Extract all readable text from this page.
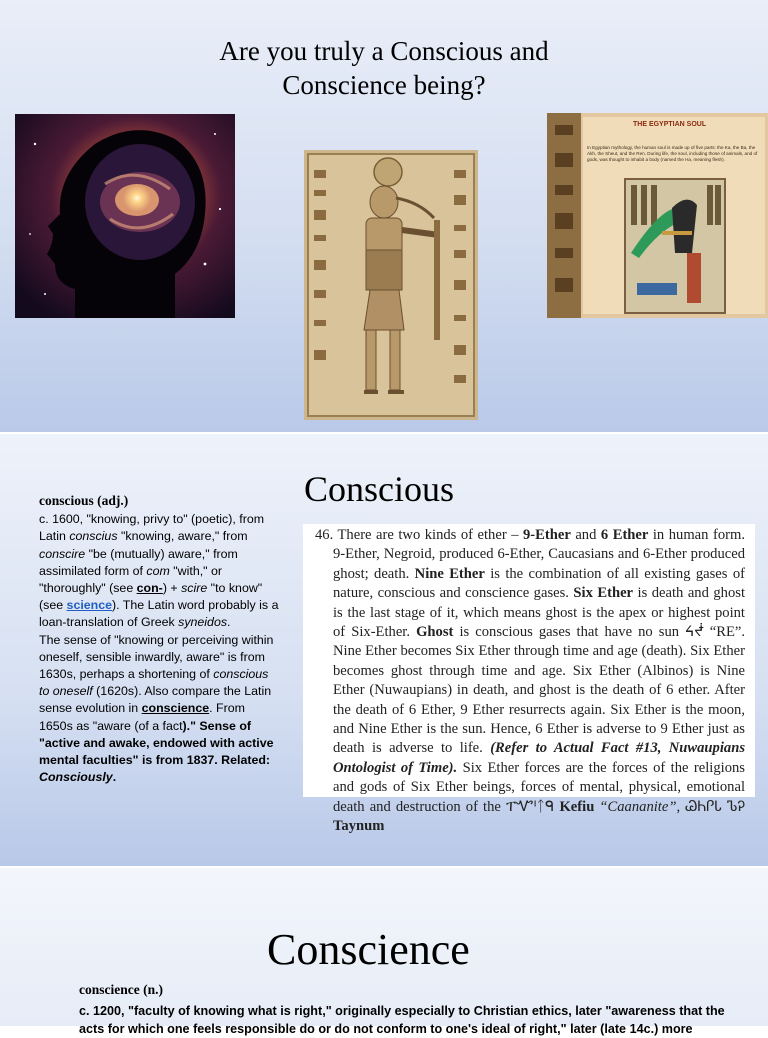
Are you truly a Conscious and Conscience being?
THE EGYPTIAN SOUL
In Egyptian mythology, the human soul is made up of five parts: the Ka, the Ba, the Akh, the Sheut, and the Ren. During life, the soul, including those of animals, and of gods, was thought to inhabit a body (named the Ha, meaning flesh).
Conscious
conscious (adj.)
c. 1600, "knowing, privy to" (poetic), from Latin conscius "knowing, aware," from conscire "be (mutually) aware," from assimilated form of com "with," or "thoroughly" (see con-) + scire "to know" (see science). The Latin word probably is a loan-translation of Greek syneidos.
The sense of "knowing or perceiving within oneself, sensible inwardly, aware" is from 1630s, perhaps a shortening of conscious to oneself (1620s). Also compare the Latin sense evolution in conscience. From 1650s as "aware (of a fact)." Sense of "active and awake, endowed with active mental faculties" is from 1837. Related: Consciously.
46. There are two kinds of ether – 9-Ether and 6 Ether in human form. 9-Ether, Negroid, produced 6-Ether, Caucasians and 6-Ether produced ghost; death. Nine Ether is the combination of all existing gases of nature, conscious and conscience gases. Six Ether is death and ghost is the last stage of it, which means ghost is the apex or highest point of Six-Ether. Ghost is conscious gases that have no sun ᔦᖫ “RE”. Nine Ether becomes Six Ether through time and age (death). Six Ether becomes ghost through time and age. Six Ether (Albinos) is Nine Ether (Nuwaupians) in death, and ghost is the death of 6 ether. After the death of 6 Ether, 9 Ether resurrects again. Six Ether is the moon, and Nine Ether is the sun. Hence, 6 Ether is adverse to 9 Ether just as death is adverse to life. (Refer to Actual Fact #13, Nuwaupians Ontologist of Time). Six Ether forces are the forces of the religions and gods of Six Ether beings, forces of mental, physical, emotional death and destruction of the ፐᏉᑊᛏᑫ Kefiu “Caananite”, ᏊᏂᎵᏓ ᏖᎮ Taynum
Conscience
conscience (n.)
c. 1200, "faculty of knowing what is right," originally especially to Christian ethics, later "awareness that the acts for which one feels responsible do or do not conform to one's ideal of right," later (late 14c.) more
